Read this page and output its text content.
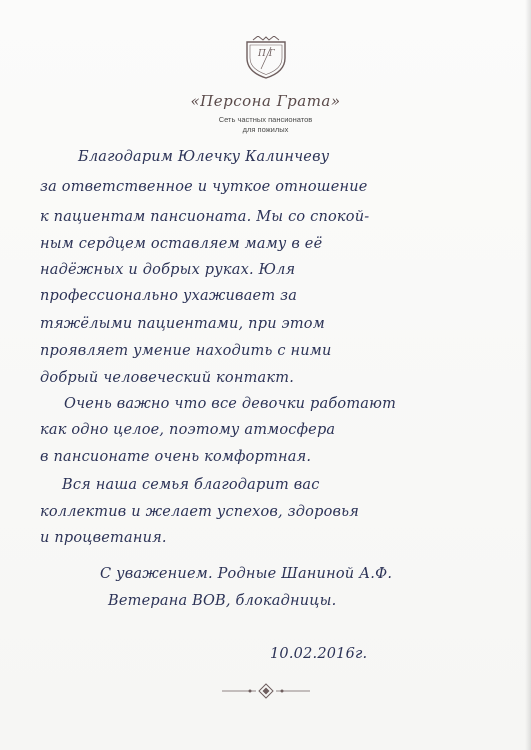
П Г
«Персона Грата»
Сеть частных пансионатов
для пожилых
Благодарим Юлечку Калинчеву
за ответственное и чуткое отношение
к пациентам пансионата. Мы со спокой-
ным сердцем оставляем маму в её
надёжных и добрых руках. Юля
профессионально ухаживает за
тяжёлыми пациентами, при этом
проявляет умение находить с ними
добрый человеческий контакт.
Очень важно что все девочки работают
как одно целое, поэтому атмосфера
в пансионате очень комфортная.
Вся наша семья благодарит вас
коллектив и желает успехов, здоровья
и процветания.
С уважением. Родные Шаниной А.Ф.
Ветерана ВОВ, блокадницы.
10.02.2016г.
